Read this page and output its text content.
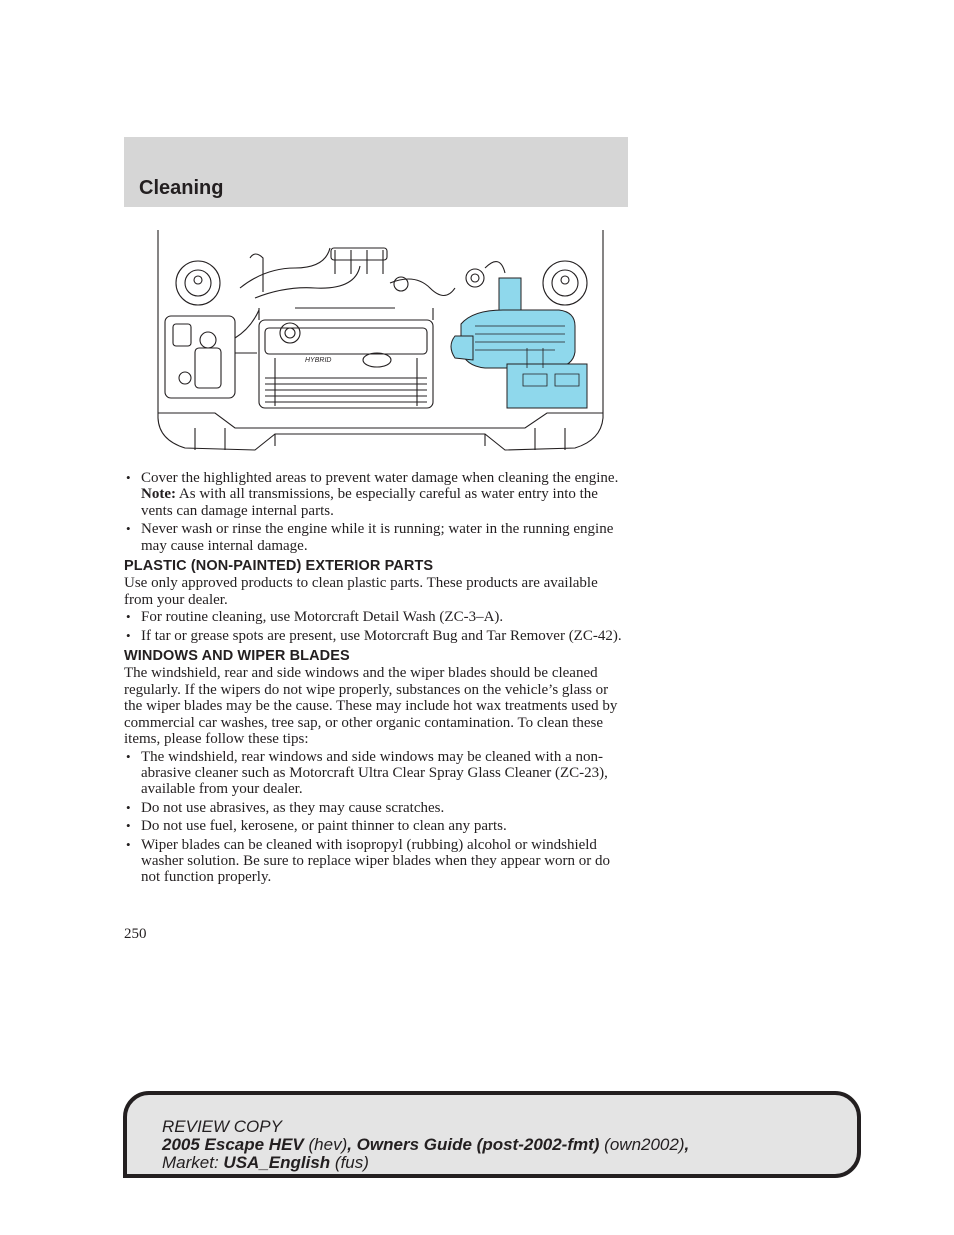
Cleaning
HYBRID
• Cover the highlighted areas to prevent water damage when cleaning the engine. Note: As with all transmissions, be especially careful as water entry into the vents can damage internal parts.
• Never wash or rinse the engine while it is running; water in the running engine may cause internal damage.
PLASTIC (NON-PAINTED) EXTERIOR PARTS

Use only approved products to clean plastic parts. These products are available from your dealer.

• For routine cleaning, use Motorcraft Detail Wash (ZC-3–A).
• If tar or grease spots are present, use Motorcraft Bug and Tar Remover (ZC-42).
WINDOWS AND WIPER BLADES

The windshield, rear and side windows and the wiper blades should be cleaned regularly. If the wipers do not wipe properly, substances on the vehicle’s glass or the wiper blades may be the cause. These may include hot wax treatments used by commercial car washes, tree sap, or other organic contamination. To clean these items, please follow these tips:

• The windshield, rear windows and side windows may be cleaned with a non-abrasive cleaner such as Motorcraft Ultra Clear Spray Glass Cleaner (ZC-23), available from your dealer.
• Do not use abrasives, as they may cause scratches.
• Do not use fuel, kerosene, or paint thinner to clean any parts.
• Wiper blades can be cleaned with isopropyl (rubbing) alcohol or windshield washer solution. Be sure to replace wiper blades when they appear worn or do not function properly.
250
REVIEW COPY
2005 Escape HEV (hev), Owners Guide (post-2002-fmt) (own2002),
Market: USA_English (fus)
